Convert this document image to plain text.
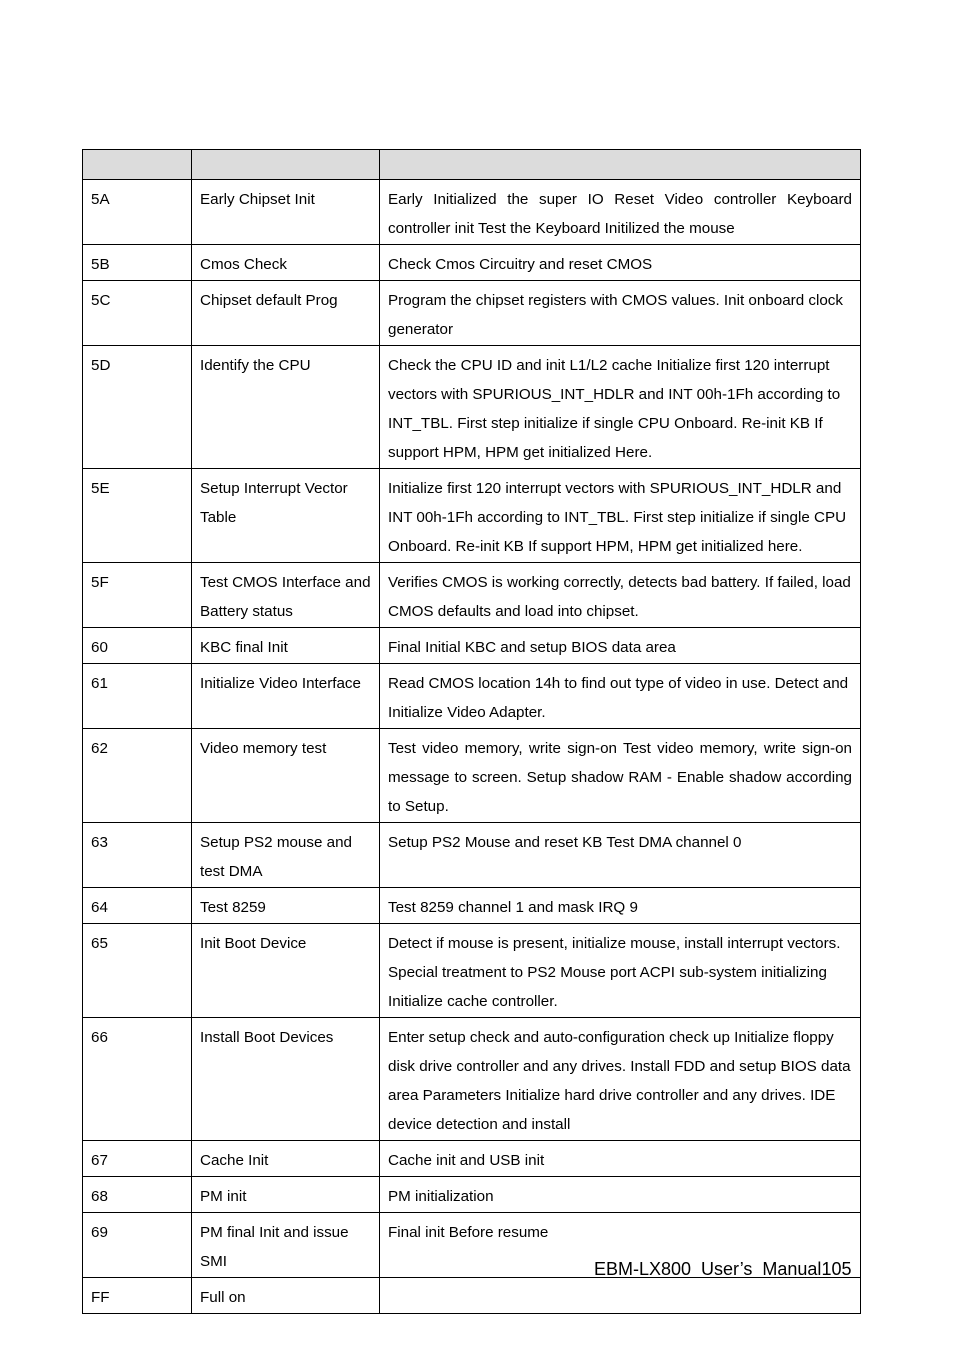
5A	Early Chipset Init	Early Initialized the super IO Reset Video controller Keyboard controller init Test the Keyboard Initilized the mouse
5B	Cmos Check	Check Cmos Circuitry and reset CMOS
5C	Chipset default Prog	Program the chipset registers with CMOS values. Init onboard clock generator
5D	Identify the CPU	Check the CPU ID and init L1/L2 cache Initialize first 120 interrupt vectors with SPURIOUS_INT_HDLR and INT 00h-1Fh according to INT_TBL. First step initialize if single CPU Onboard. Re-init KB If support HPM, HPM get initialized Here.
5E	Setup Interrupt Vector Table	Initialize first 120 interrupt vectors with SPURIOUS_INT_HDLR and INT 00h-1Fh according to INT_TBL. First step initialize if single CPU Onboard. Re-init KB If support HPM, HPM get initialized here.
5F	Test CMOS Interface and Battery status	Verifies CMOS is working correctly, detects bad battery. If failed, load CMOS defaults and load into chipset.
60	KBC final Init	Final Initial KBC and setup BIOS data area
61	Initialize Video Interface	Read CMOS location 14h to find out type of video in use. Detect and Initialize Video Adapter.
62	Video memory test	Test video memory, write sign-on Test video memory, write sign-on message to screen. Setup shadow RAM - Enable shadow according to Setup.
63	Setup PS2 mouse and test DMA	Setup PS2 Mouse and reset KB Test DMA channel 0
64	Test 8259	Test 8259 channel 1 and mask IRQ 9
65	Init Boot Device	Detect if mouse is present, initialize mouse, install interrupt vectors. Special treatment to PS2 Mouse port ACPI sub-system initializing Initialize cache controller.
66	Install Boot Devices	Enter setup check and auto-configuration check up Initialize floppy disk drive controller and any drives. Install FDD and setup BIOS data area Parameters Initialize hard drive controller and any drives. IDE device detection and install
67	Cache Init	Cache init and USB init
68	PM init	PM initialization
69	PM final Init and issue SMI	Final init Before resume
FF	Full on	
EBM-LX800  User’s  Manual105
